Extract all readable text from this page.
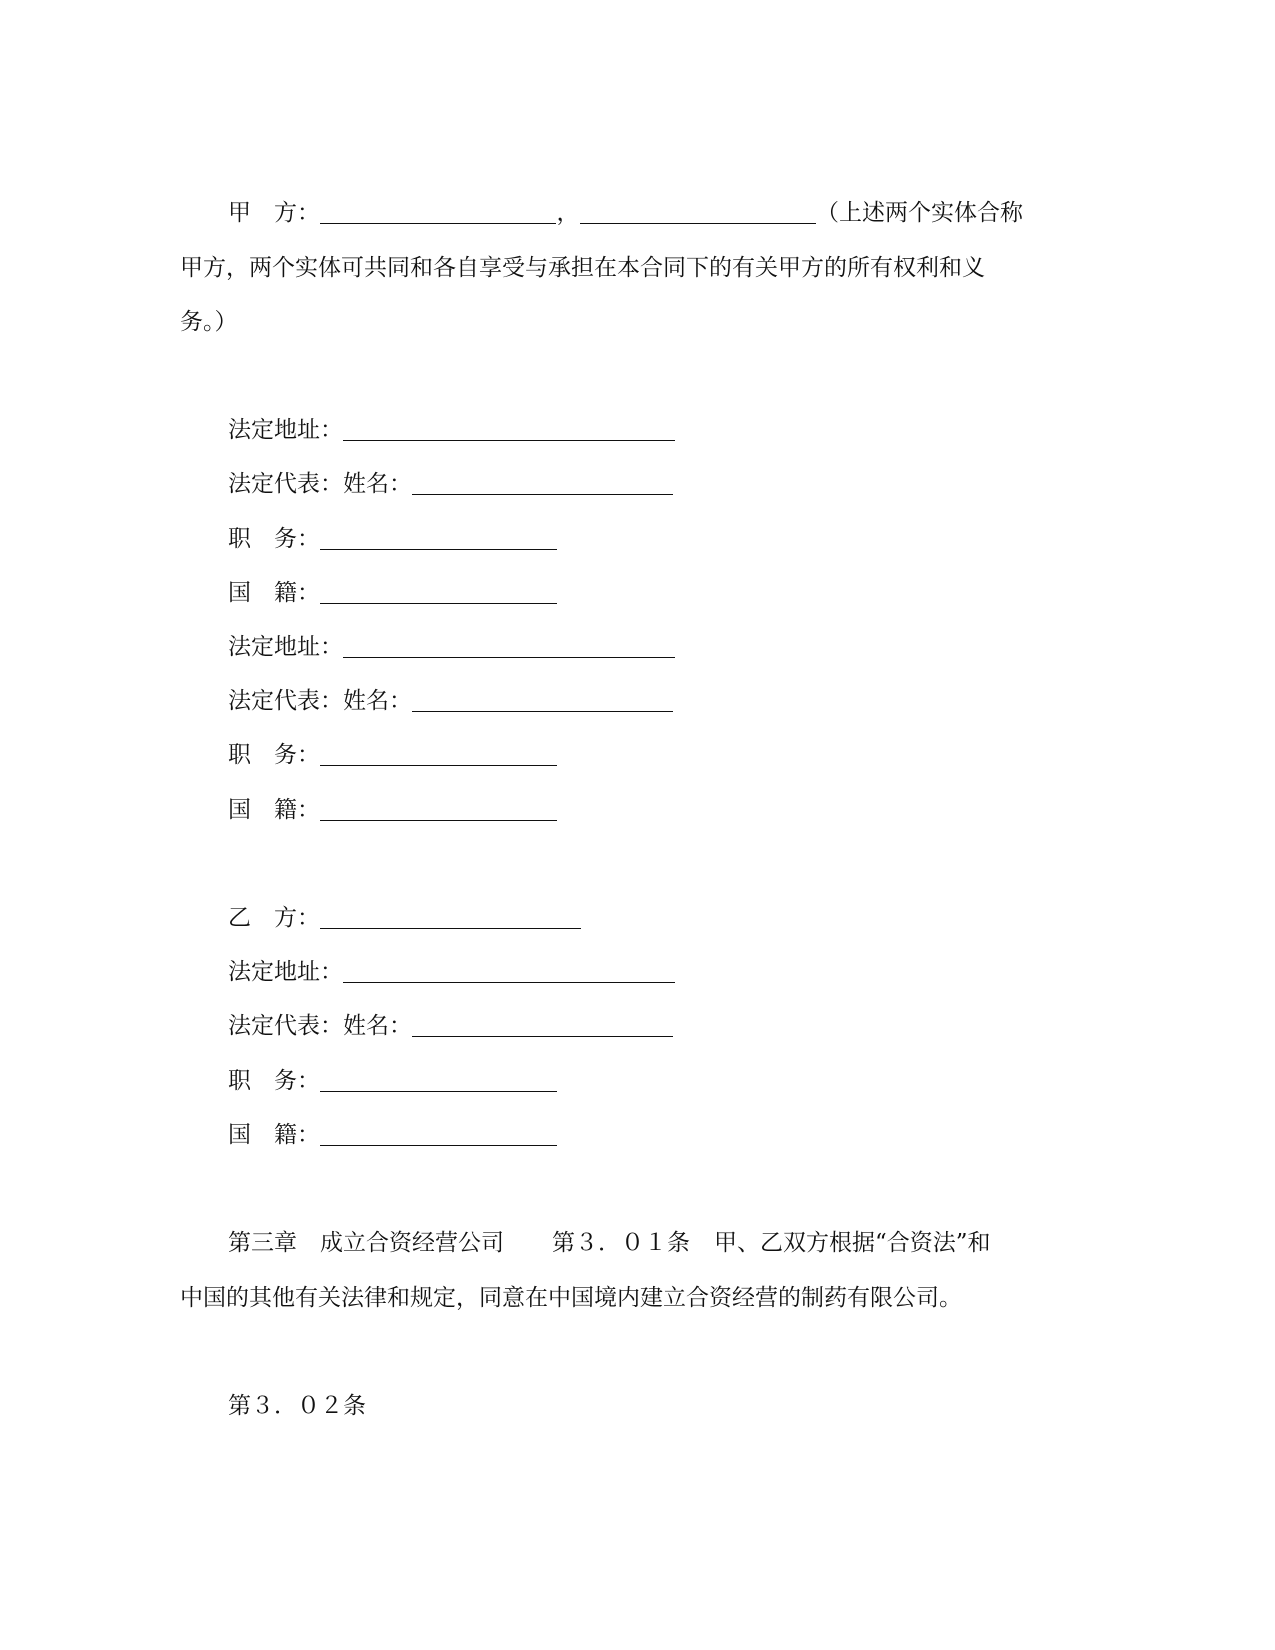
甲　方：	，	（上述两个实体合称
甲方，两个实体可共同和各自享受与承担在本合同下的有关甲方的所有权利和义
务。）
法定地址：
法定代表：姓名：
职　务：
国　籍：
法定地址：
法定代表：姓名：
职　务：
国　籍：
乙　方：
法定地址：
法定代表：姓名：
职　务：
国　籍：
第三章　成立合资经营公司 第３．０１条 甲、乙双方根据“合资法”和
中国的其他有关法律和规定，同意在中国境内建立合资经营的制药有限公司。
第３．０２条
